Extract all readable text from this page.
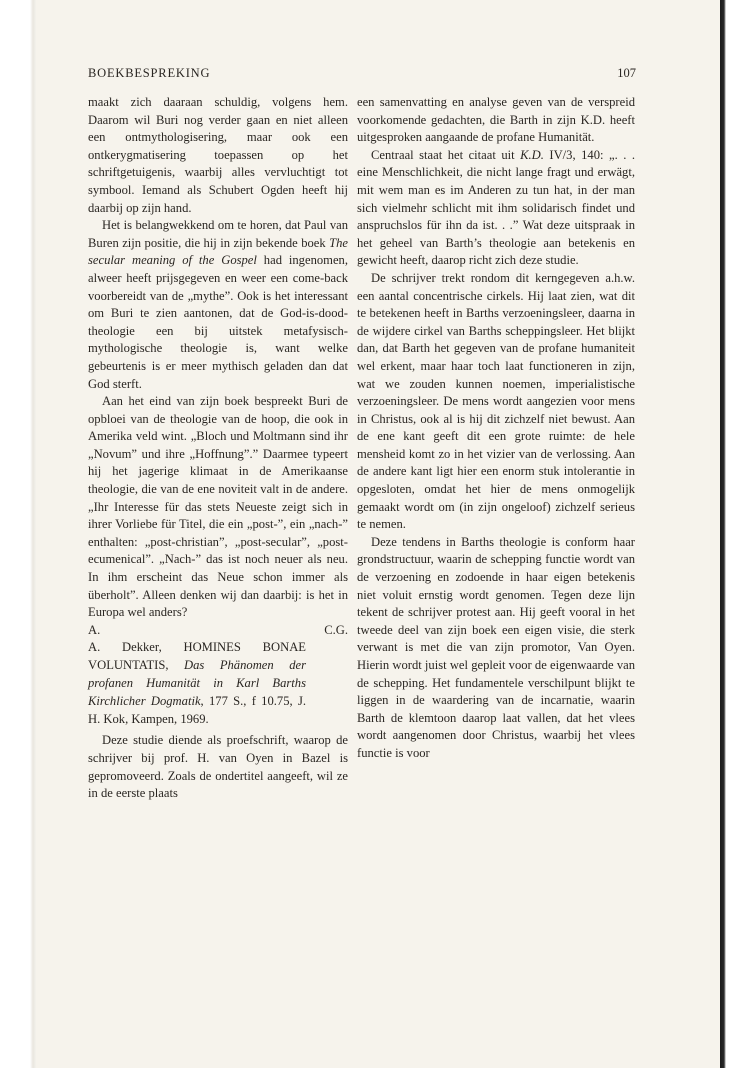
BOEKBESPREKING	107

maakt zich daaraan schuldig, volgens hem. Daarom wil Buri nog verder gaan en niet alleen een ontmythologisering, maar ook een ontkerygmatisering toepassen op het schriftgetuigenis, waarbij alles vervluchtigt tot symbool. Iemand als Schubert Ogden heeft hij daarbij op zijn hand.

Het is belangwekkend om te horen, dat Paul van Buren zijn positie, die hij in zijn bekende boek The secular meaning of the Gospel had ingenomen, alweer heeft prijsgegeven en weer een come-back voorbereidt van de „mythe”. Ook is het interessant om Buri te zien aantonen, dat de God-is-dood-theologie een bij uitstek metafysisch-mythologische theologie is, want welke gebeurtenis is er meer mythisch geladen dan dat God sterft.

Aan het eind van zijn boek bespreekt Buri de opbloei van de theologie van de hoop, die ook in Amerika veld wint. „Bloch und Moltmann sind ihr „Novum” und ihre „Hoffnung”.” Daarmee typeert hij het jagerige klimaat in de Amerikaanse theologie, die van de ene noviteit valt in de andere. „Ihr Interesse für das stets Neueste zeigt sich in ihrer Vorliebe für Titel, die ein „post-”, ein „nach-” enthalten: „post-christian”, „post-secular”, „post-ecumenical”. „Nach-” das ist noch neuer als neu. In ihm erscheint das Neue schon immer als überholt”. Alleen denken wij dan daarbij: is het in Europa wel anders?

A.	C.G.

A. Dekker, HOMINES BONAE VOLUNTATIS, Das Phänomen der profanen Humanität in Karl Barths Kirchlicher Dogmatik, 177 S., f 10.75, J. H. Kok, Kampen, 1969.

Deze studie diende als proefschrift, waarop de schrijver bij prof. H. van Oyen in Bazel is gepromoveerd. Zoals de ondertitel aangeeft, wil ze in de eerste plaats

een samenvatting en analyse geven van de verspreid voorkomende gedachten, die Barth in zijn K.D. heeft uitgesproken aangaande de profane Humanität.

Centraal staat het citaat uit K.D. IV/3, 140: „. . . eine Menschlichkeit, die nicht lange fragt und erwägt, mit wem man es im Anderen zu tun hat, in der man sich vielmehr schlicht mit ihm solidarisch findet und anspruchslos für ihn da ist. . .” Wat deze uitspraak in het geheel van Barth’s theologie aan betekenis en gewicht heeft, daarop richt zich deze studie.

De schrijver trekt rondom dit kerngegeven a.h.w. een aantal concentrische cirkels. Hij laat zien, wat dit te betekenen heeft in Barths verzoeningsleer, daarna in de wijdere cirkel van Barths scheppingsleer. Het blijkt dan, dat Barth het gegeven van de profane humaniteit wel erkent, maar haar toch laat functioneren in zijn, wat we zouden kunnen noemen, imperialistische verzoeningsleer. De mens wordt aangezien voor mens in Christus, ook al is hij dit zichzelf niet bewust. Aan de ene kant geeft dit een grote ruimte: de hele mensheid komt zo in het vizier van de verlossing. Aan de andere kant ligt hier een enorm stuk intolerantie in opgesloten, omdat het hier de mens onmogelijk gemaakt wordt om (in zijn ongeloof) zichzelf serieus te nemen.

Deze tendens in Barths theologie is conform haar grondstructuur, waarin de schepping functie wordt van de verzoening en zodoende in haar eigen betekenis niet voluit ernstig wordt genomen. Tegen deze lijn tekent de schrijver protest aan. Hij geeft vooral in het tweede deel van zijn boek een eigen visie, die sterk verwant is met die van zijn promotor, Van Oyen. Hierin wordt juist wel gepleit voor de eigenwaarde van de schepping. Het fundamentele verschilpunt blijkt te liggen in de waardering van de incarnatie, waarin Barth de klemtoon daarop laat vallen, dat het vlees wordt aangenomen door Christus, waarbij het vlees functie is voor
